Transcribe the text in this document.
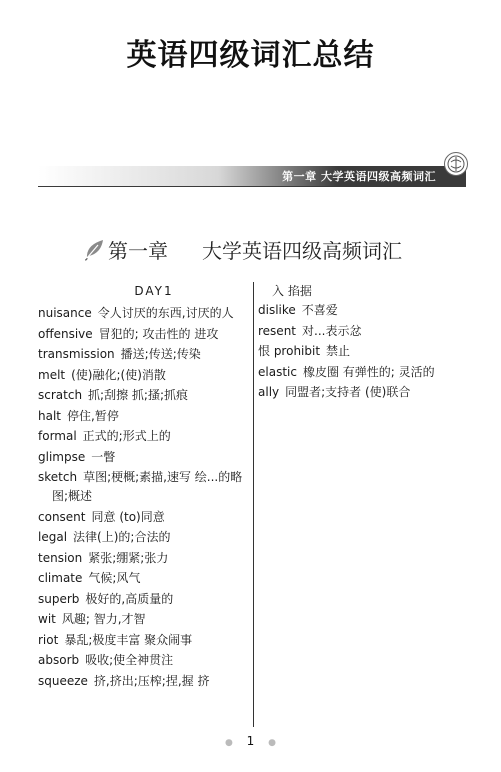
英语四级词汇总结
第一章 大学英语四级高频词汇
第一章 大学英语四级高频词汇
DAY1
nuisance 令人讨厌的东西,讨厌的人
offensive 冒犯的; 攻击性的 进攻
transmission 播送;传送;传染
melt (使)融化;(使)消散
scratch 抓;刮擦 抓;搔;抓痕
halt 停住,暂停
formal 正式的;形式上的
glimpse 一瞥
sketch 草图;梗概;素描,速写 绘...的略图;概述
consent 同意 (to)同意
legal 法律(上)的;合法的
tension 紧张;绷紧;张力
climate 气候;风气
superb 极好的,高质量的
wit 风趣; 智力,才智
riot 暴乱;极度丰富 聚众闹事
absorb 吸收;使全神贯注
squeeze 挤,挤出;压榨;捏,握 挤
入 掐据
dislike 不喜爱
resent 对...表示忿
恨 prohibit 禁止
elastic 橡皮圈 有弹性的; 灵活的
ally 同盟者;支持者 (使)联合
● 1 ●
